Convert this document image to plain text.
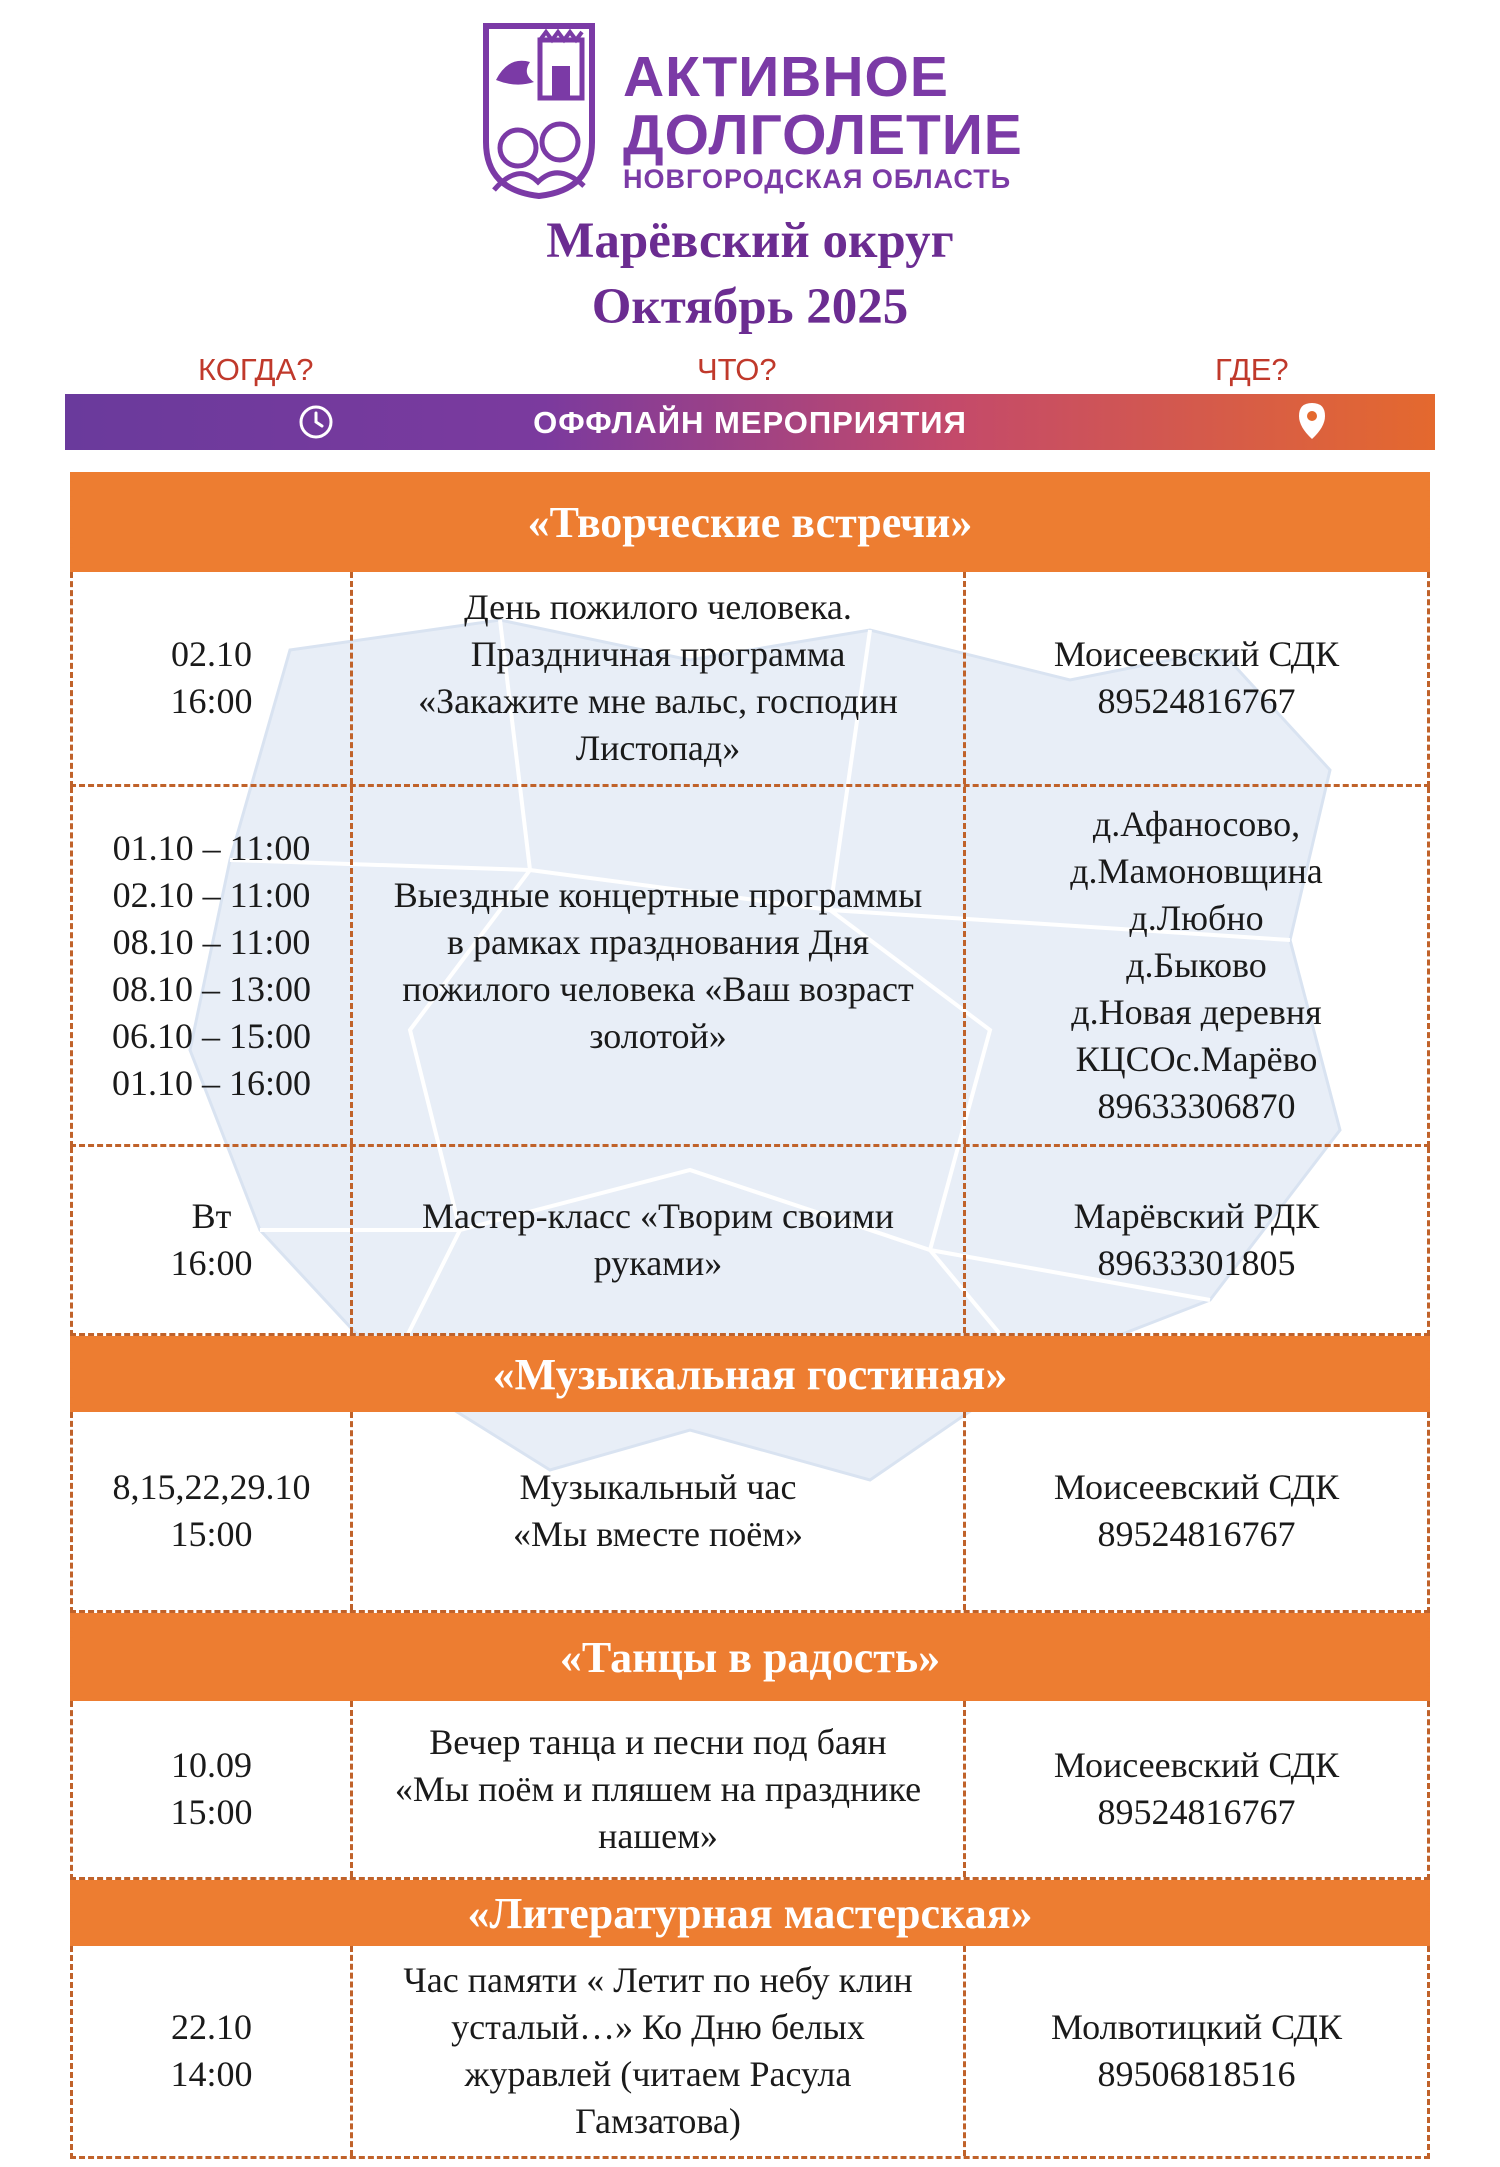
АКТИВНОЕ
ДОЛГОЛЕТИЕ
НОВГОРОДСКАЯ ОБЛАСТЬ
Марёвский округ
Октябрь 2025
КОГДА?	ЧТО?	ГДЕ?
ОФФЛАЙН МЕРОПРИЯТИЯ
«Творческие встречи»
02.10
16:00
День пожилого человека.
Праздничная программа
«Закажите мне вальс, господин
Листопад»
Моисеевский СДК
89524816767
01.10 – 11:00
02.10 – 11:00
08.10 – 11:00
08.10 – 13:00
06.10 – 15:00
01.10 – 16:00
Выездные концертные программы
в рамках празднования Дня
пожилого человека «Ваш возраст
золотой»
д.Афаносово,
д.Мамоновщина
д.Любно
д.Быково
д.Новая деревня
КЦСОс.Марёво
89633306870
Вт
16:00
Мастер-класс «Творим своими
руками»
Марёвский РДК
89633301805
«Музыкальная гостиная»
8,15,22,29.10
15:00
Музыкальный час
«Мы вместе поём»
Моисеевский СДК
89524816767
«Танцы в радость»
10.09
15:00
Вечер танца и песни под баян
«Мы поём и пляшем на празднике
нашем»
Моисеевский СДК
89524816767
«Литературная мастерская»
22.10
14:00
Час памяти « Летит по небу клин
усталый…» Ко Дню белых
журавлей (читаем Расула
Гамзатова)
Молвотицкий СДК
89506818516
